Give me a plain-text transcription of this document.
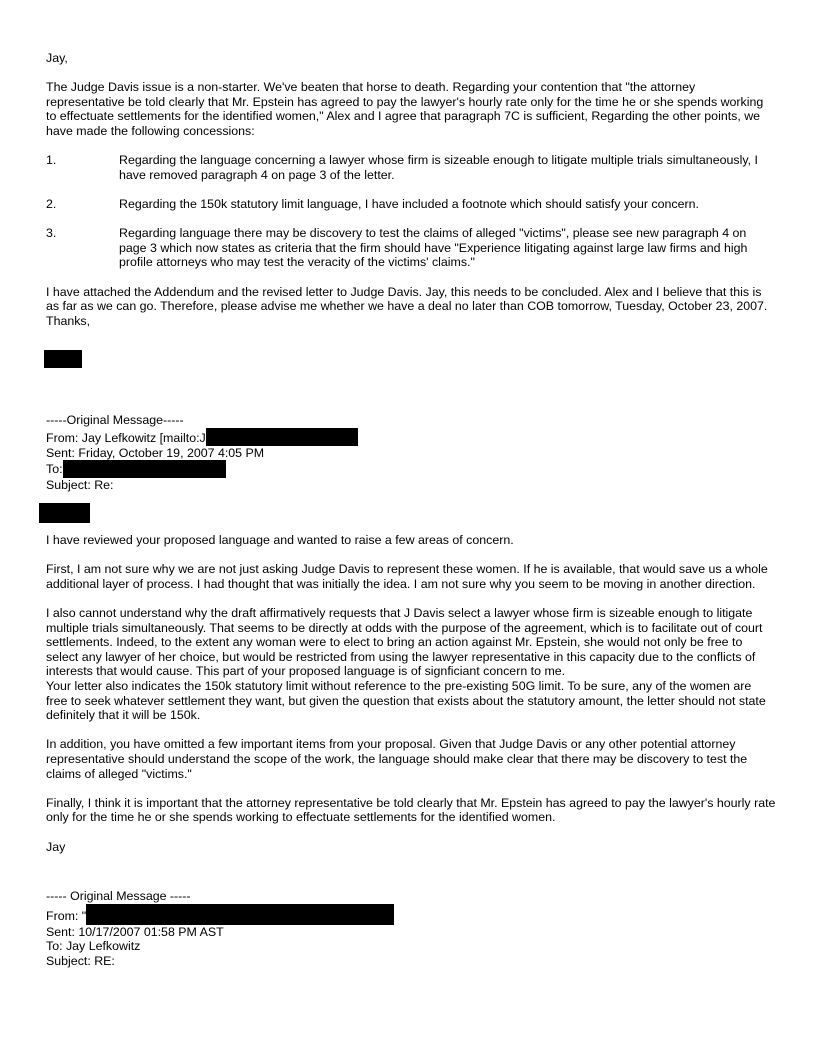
Jay,

The Judge Davis issue is a non-starter. We've beaten that horse to death. Regarding your contention that "the attorney representative be told clearly that Mr. Epstein has agreed to pay the lawyer's hourly rate only for the time he or she spends working to effectuate settlements for the identified women," Alex and I agree that paragraph 7C is sufficient, Regarding the other points, we have made the following concessions:

1.	Regarding the language concerning a lawyer whose firm is sizeable enough to litigate multiple trials simultaneously, I have removed paragraph 4 on page 3 of the letter.
2.	Regarding the 150k statutory limit language, I have included a footnote which should satisfy your concern.
3.	Regarding language there may be discovery to test the claims of alleged "victims", please see new paragraph 4 on page 3 which now states as criteria that the firm should have "Experience litigating against large law firms and high profile attorneys who may test the veracity of the victims' claims."

I have attached the Addendum and the revised letter to Judge Davis. Jay, this needs to be concluded. Alex and I believe that this is as far as we can go. Therefore, please advise me whether we have a deal no later than COB tomorrow, Tuesday, October 23, 2007. Thanks,

-----Original Message-----

From: Jay Lefkowitz [mailto:J

Sent: Friday, October 19, 2007 4:05 PM

To:

Subject: Re:

I have reviewed your proposed language and wanted to raise a few areas of concern.

First, I am not sure why we are not just asking Judge Davis to represent these women. If he is available, that would save us a whole additional layer of process. I had thought that was initially the idea. I am not sure why you seem to be moving in another direction.

I also cannot understand why the draft affirmatively requests that J Davis select a lawyer whose firm is sizeable enough to litigate multiple trials simultaneously. That seems to be directly at odds with the purpose of the agreement, which is to facilitate out of court settlements. Indeed, to the extent any woman were to elect to bring an action against Mr. Epstein, she would not only be free to select any lawyer of her choice, but would be restricted from using the lawyer representative in this capacity due to the conflicts of interests that would cause. This part of your proposed language is of signficiant concern to me.

Your letter also indicates the 150k statutory limit without reference to the pre-existing 50G limit. To be sure, any of the women are free to seek whatever settlement they want, but given the question that exists about the statutory amount, the letter should not state definitely that it will be 150k.

In addition, you have omitted a few important items from your proposal. Given that Judge Davis or any other potential attorney representative should understand the scope of the work, the language should make clear that there may be discovery to test the claims of alleged "victims."

Finally, I think it is important that the attorney representative be told clearly that Mr. Epstein has agreed to pay the lawyer's hourly rate only for the time he or she spends working to effectuate settlements for the identified women.

Jay

----- Original Message -----

From: "

Sent: 10/17/2007 01:58 PM AST

To: Jay Lefkowitz

Subject: RE:
